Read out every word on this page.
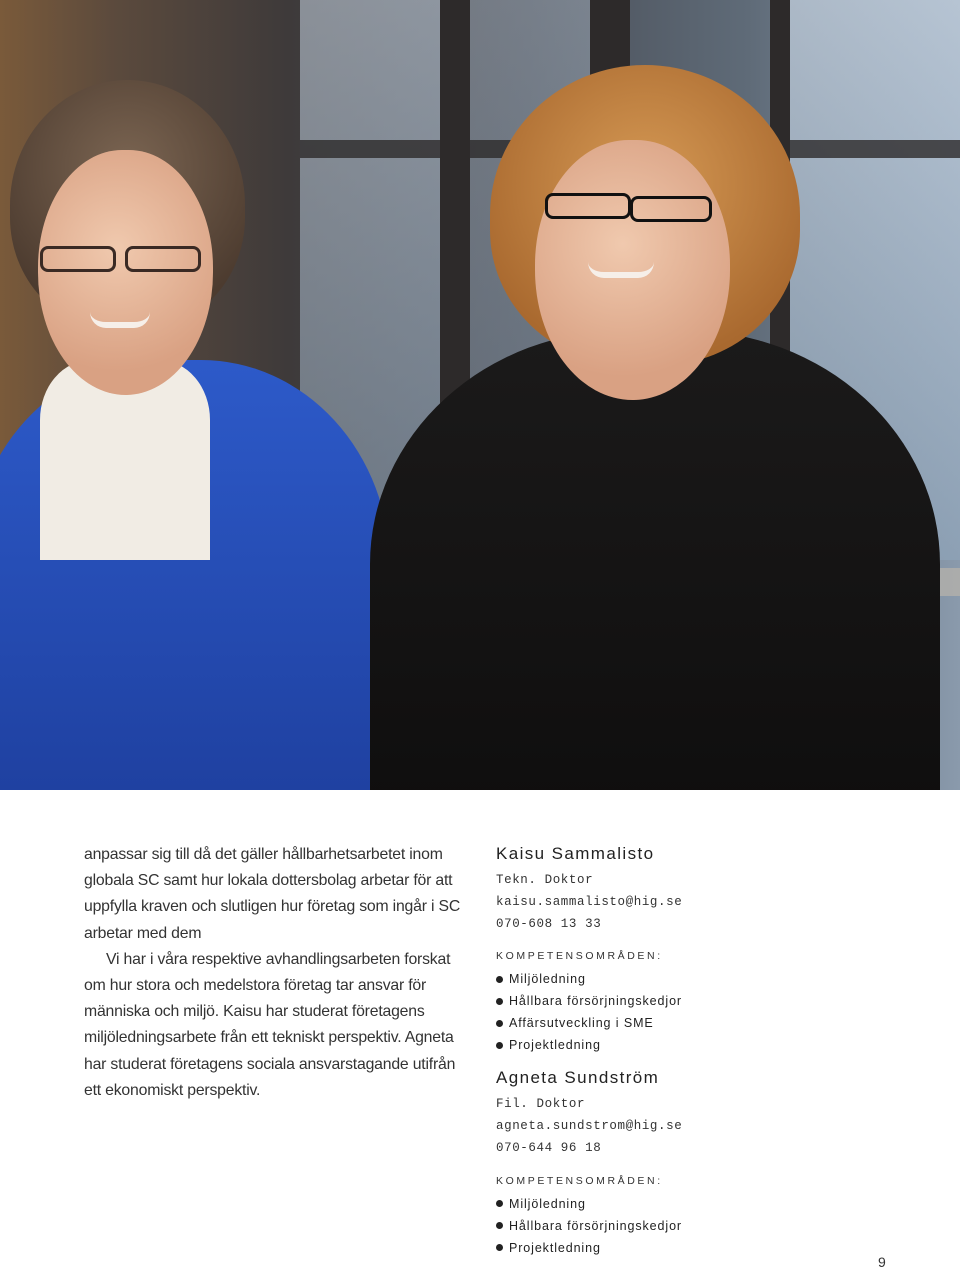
anpassar sig till då det gäller hållbarhetsarbetet inom globala SC samt hur lokala dottersbolag arbetar för att uppfylla kraven och slutligen hur företag som ingår i SC arbetar med dem

Vi har i våra respektive avhandlingsarbeten forskat om hur stora och medelstora företag tar ansvar för människa och miljö. Kaisu har studerat företagens miljöledningsarbete från ett tekniskt perspektiv. Agneta har studerat företagens sociala ansvarstagande utifrån ett ekonomiskt perspektiv.

Kaisu Sammalisto
Tekn. Doktor
kaisu.sammalisto@hig.se
070-608 13 33
KOMPETENSOMRÅDEN:
Miljöledning
Hållbara försörjningskedjor
Affärsutveckling i SME
Projektledning
Agneta Sundström
Fil. Doktor
agneta.sundstrom@hig.se
070-644 96 18
KOMPETENSOMRÅDEN:
Miljöledning
Hållbara försörjningskedjor
Projektledning
9
